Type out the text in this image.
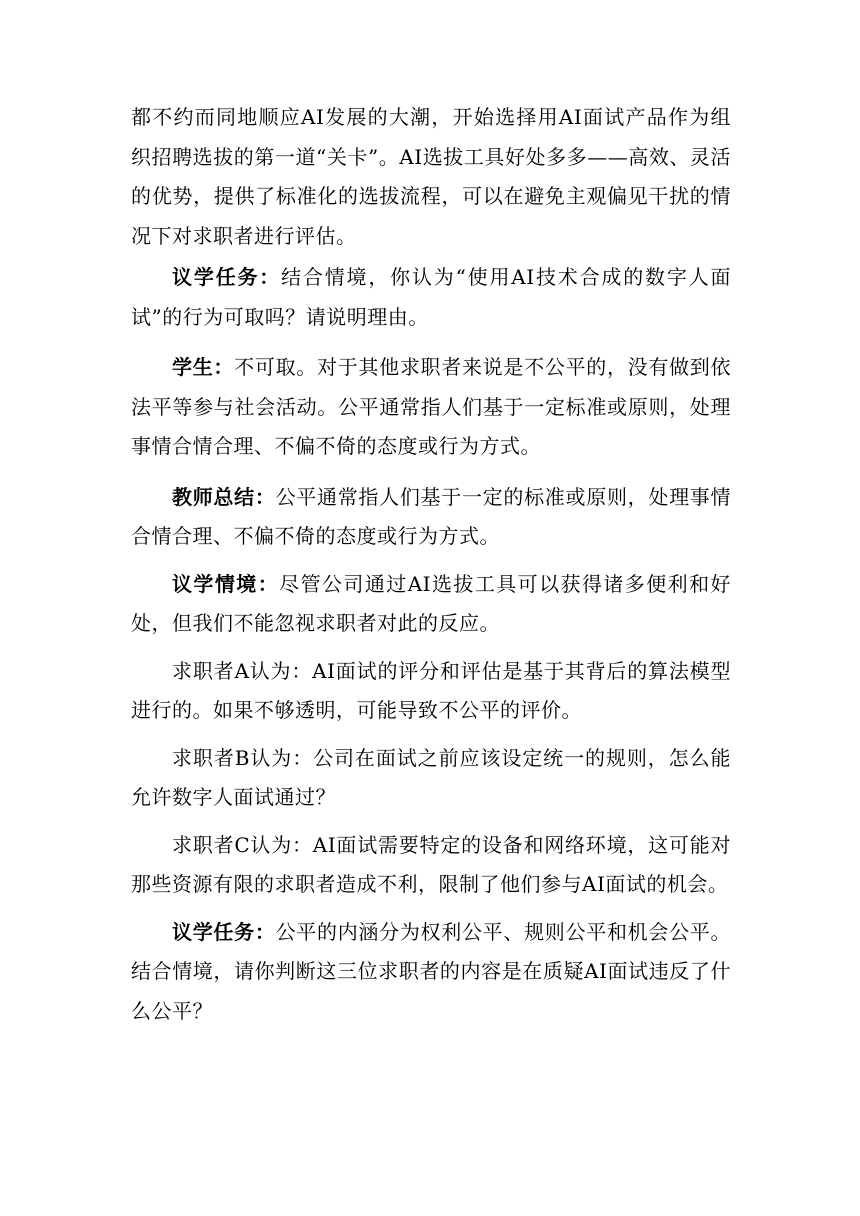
都不约而同地顺应AI发展的大潮，开始选择用AI面试产品作为组织招聘选拔的第一道“关卡”。AI选拔工具好处多多——高效、灵活的优势，提供了标准化的选拔流程，可以在避免主观偏见干扰的情况下对求职者进行评估。

议学任务：结合情境，你认为“使用AI技术合成的数字人面试”的行为可取吗？请说明理由。

学生：不可取。对于其他求职者来说是不公平的，没有做到依法平等参与社会活动。公平通常指人们基于一定标准或原则，处理事情合情合理、不偏不倚的态度或行为方式。

教师总结：公平通常指人们基于一定的标准或原则，处理事情合情合理、不偏不倚的态度或行为方式。

议学情境：尽管公司通过AI选拔工具可以获得诸多便利和好处，但我们不能忽视求职者对此的反应。

求职者A认为：AI面试的评分和评估是基于其背后的算法模型进行的。如果不够透明，可能导致不公平的评价。

求职者B认为：公司在面试之前应该设定统一的规则，怎么能允许数字人面试通过？

求职者C认为：AI面试需要特定的设备和网络环境，这可能对那些资源有限的求职者造成不利，限制了他们参与AI面试的机会。

议学任务：公平的内涵分为权利公平、规则公平和机会公平。结合情境，请你判断这三位求职者的内容是在质疑AI面试违反了什么公平？
